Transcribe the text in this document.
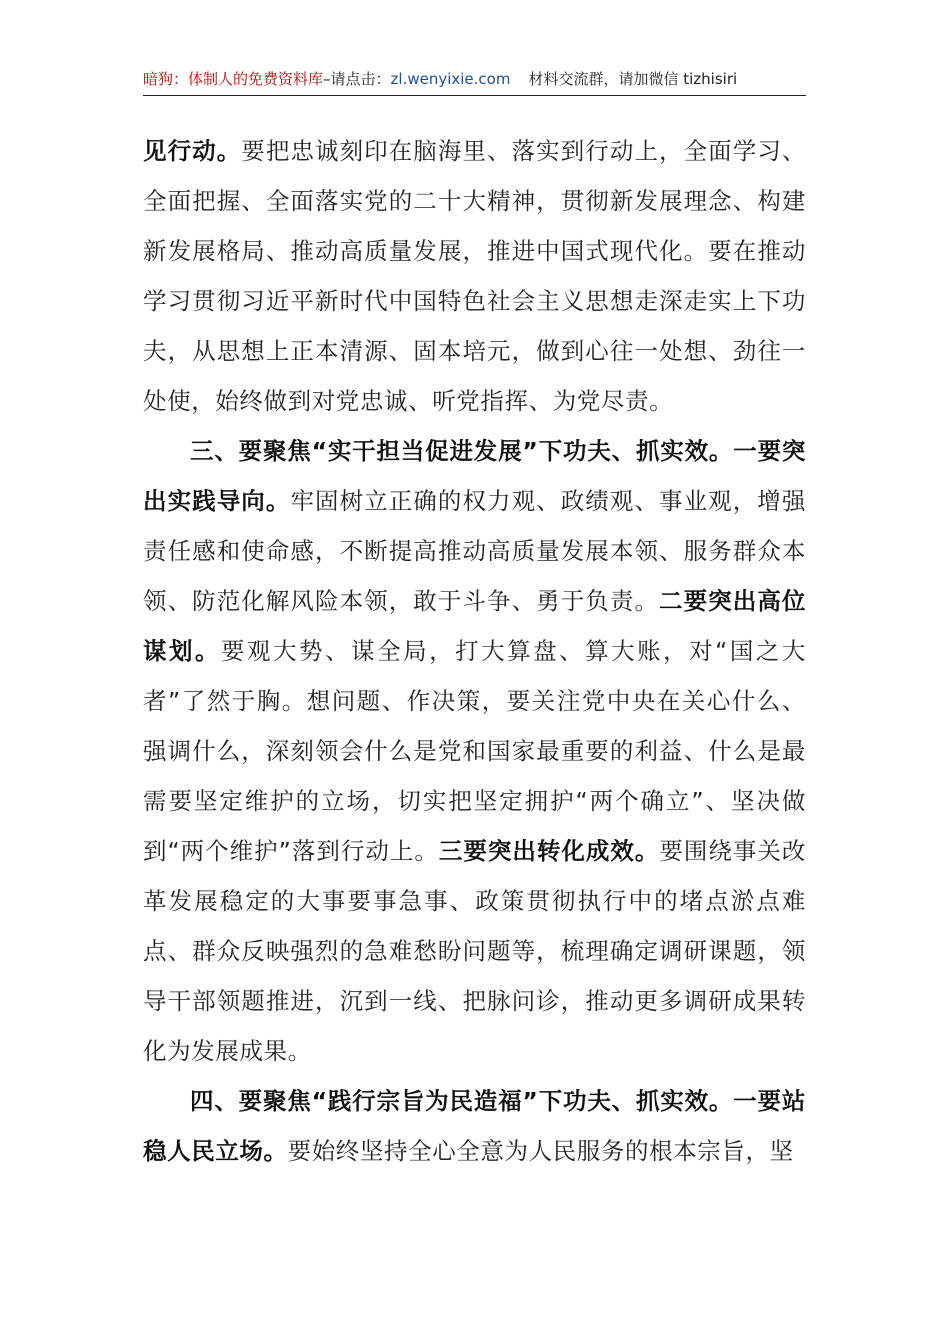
暗狗：体制人的免费资料库 –请点击： zl.wenyixie.com 材料交流群，请加微信 tizhisiri

见行动。要把忠诚刻印在脑海里、落实到行动上，全面学习、全面把握、全面落实党的二十大精神，贯彻新发展理念、构建新发展格局、推动高质量发展，推进中国式现代化。要在推动学习贯彻习近平新时代中国特色社会主义思想走深走实上下功夫，从思想上正本清源、固本培元，做到心往一处想、劲往一处使，始终做到对党忠诚、听党指挥、为党尽责。

三、要聚焦“实干担当促进发展”下功夫、抓实效。一要突出实践导向。牢固树立正确的权力观、政绩观、事业观，增强责任感和使命感，不断提高推动高质量发展本领、服务群众本领、防范化解风险本领，敢于斗争、勇于负责。二要突出高位谋划。要观大势、谋全局，打大算盘、算大账，对“国之大者”了然于胸。想问题、作决策，要关注党中央在关心什么、强调什么，深刻领会什么是党和国家最重要的利益、什么是最需要坚定维护的立场，切实把坚定拥护“两个确立”、坚决做到“两个维护”落到行动上。三要突出转化成效。要围绕事关改革发展稳定的大事要事急事、政策贯彻执行中的堵点淤点难点、群众反映强烈的急难愁盼问题等，梳理确定调研课题，领导干部领题推进，沉到一线、把脉问诊，推动更多调研成果转化为发展成果。

四、要聚焦“践行宗旨为民造福”下功夫、抓实效。一要站稳人民立场。要始终坚持全心全意为人民服务的根本宗旨，坚
